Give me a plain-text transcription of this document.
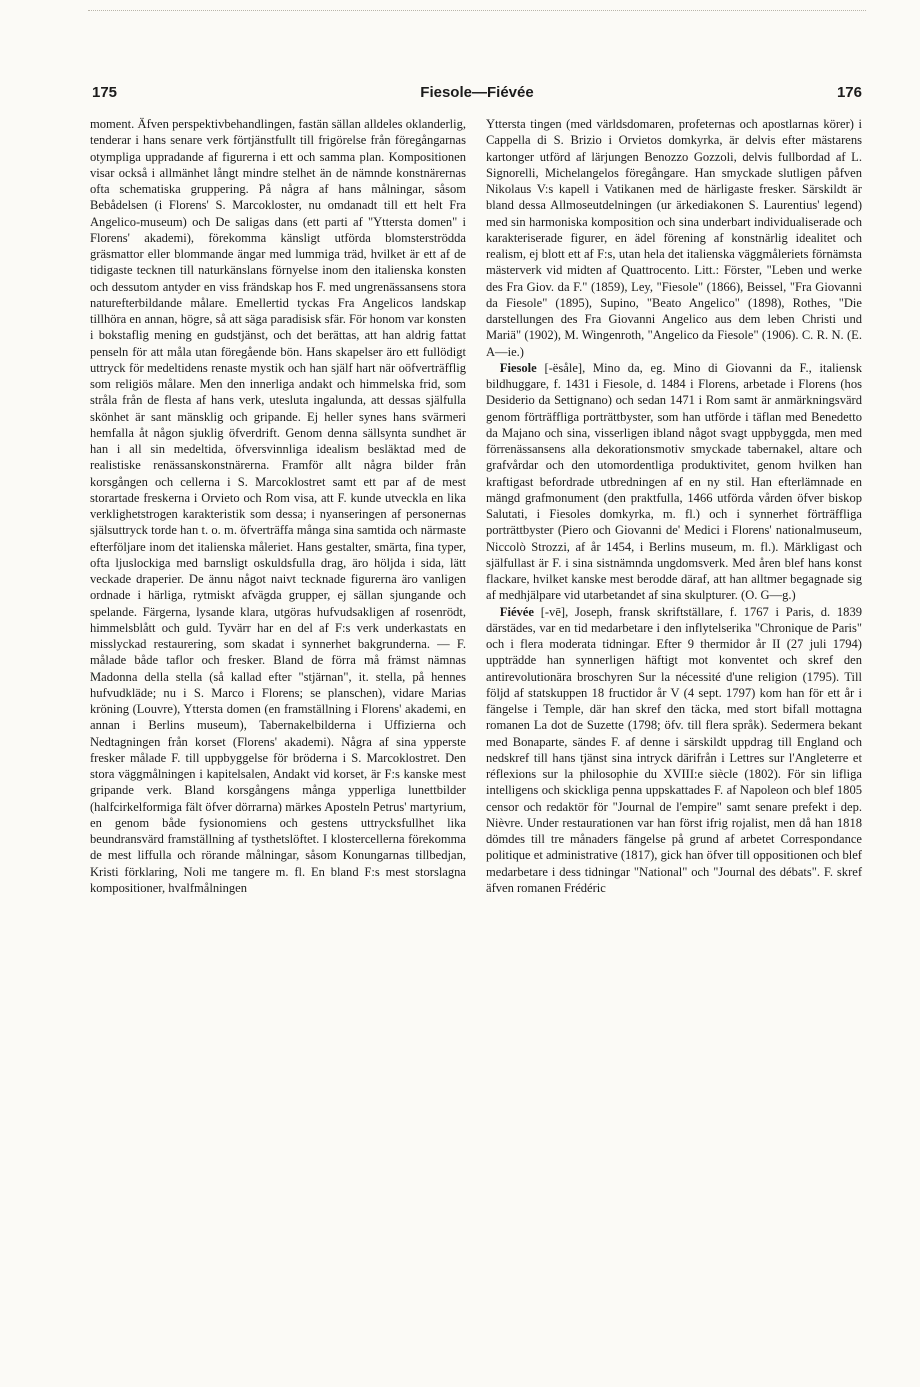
175	Fiesole—Fiévée	176

moment. Äfven perspektivbehandlingen, fastän sällan alldeles oklanderlig, tenderar i hans senare verk förtjänstfullt till frigörelse från föregångarnas otympliga uppradande af figurerna i ett och samma plan. Kompositionen visar också i allmänhet långt mindre stelhet än de nämnde konstnärernas ofta schematiska gruppering. På några af hans målningar, såsom Bebådelsen (i Florens' S. Marcokloster, nu omdanadt till ett helt Fra Angelico-museum) och De saligas dans (ett parti af "Yttersta domen" i Florens' akademi), förekomma känsligt utförda blomsterströdda gräsmattor eller blommande ängar med lummiga träd, hvilket är ett af de tidigaste tecknen till naturkänslans förnyelse inom den italienska konsten och dessutom antyder en viss frändskap hos F. med ungrenässansens stora naturefterbildande målare. Emellertid tyckas Fra Angelicos landskap tillhöra en annan, högre, så att säga paradisisk sfär. För honom var konsten i bokstaflig mening en gudstjänst, och det berättas, att han aldrig fattat penseln för att måla utan föregående bön. Hans skapelser äro ett fullödigt uttryck för medeltidens renaste mystik och han själf hart när oöfverträfflig som religiös målare. Men den innerliga andakt och himmelska frid, som stråla från de flesta af hans verk, utesluta ingalunda, att dessas själfulla skönhet är sant mänsklig och gripande. Ej heller synes hans svärmeri hemfalla åt någon sjuklig öfverdrift. Genom denna sällsynta sundhet är han i all sin medeltida, öfversvinnliga idealism besläktad med de realistiske renässanskonstnärerna. Framför allt några bilder från korsgången och cellerna i S. Marcoklostret samt ett par af de mest storartade freskerna i Orvieto och Rom visa, att F. kunde utveckla en lika verklighetstrogen karakteristik som dessa; i nyanseringen af personernas själsuttryck torde han t. o. m. öfverträffa många sina samtida och närmaste efterföljare inom det italienska måleriet. Hans gestalter, smärta, fina typer, ofta ljuslockiga med barnsligt oskuldsfulla drag, äro höljda i sida, lätt veckade draperier. De ännu något naivt tecknade figurerna äro vanligen ordnade i härliga, rytmiskt afvägda grupper, ej sällan sjungande och spelande. Färgerna, lysande klara, utgöras hufvudsakligen af rosenrödt, himmelsblått och guld. Tyvärr har en del af F:s verk underkastats en misslyckad restaurering, som skadat i synnerhet bakgrunderna. — F. målade både taflor och fresker. Bland de förra må främst nämnas Madonna della stella (så kallad efter "stjärnan", it. stella, på hennes hufvudkläde; nu i S. Marco i Florens; se planschen), vidare Marias kröning (Louvre), Yttersta domen (en framställning i Florens' akademi, en annan i Berlins museum), Tabernakelbilderna i Uffizierna och Nedtagningen från korset (Florens' akademi). Några af sina ypperste fresker målade F. till uppbyggelse för bröderna i S. Marcoklostret. Den stora väggmålningen i kapitelsalen, Andakt vid korset, är F:s kanske mest gripande verk. Bland korsgångens många ypperliga lunettbilder (halfcirkelformiga fält öfver dörrarna) märkes Aposteln Petrus' martyrium, en genom både fysionomiens och gestens uttrycksfullhet lika beundransvärd framställning af tysthetslöftet. I klostercellerna förekomma de mest liffulla och rörande målningar, såsom Konungarnas tillbedjan, Kristi förklaring, Noli me tangere m. fl. En bland F:s mest storslagna kompositioner, hvalfmålningen

Yttersta tingen (med världsdomaren, profeternas och apostlarnas körer) i Cappella di S. Brizio i Orvietos domkyrka, är delvis efter mästarens kartonger utförd af lärjungen Benozzo Gozzoli, delvis fullbordad af L. Signorelli, Michelangelos föregångare. Han smyckade slutligen påfven Nikolaus V:s kapell i Vatikanen med de härligaste fresker. Särskildt är bland dessa Allmoseutdelningen (ur ärkediakonen S. Laurentius' legend) med sin harmoniska komposition och sina underbart individualiserade och karakteriserade figurer, en ädel förening af konstnärlig idealitet och realism, ej blott ett af F:s, utan hela det italienska väggmåleriets förnämsta mästerverk vid midten af Quattrocento. Litt.: Förster, "Leben und werke des Fra Giov. da F." (1859), Ley, "Fiesole" (1866), Beissel, "Fra Giovanni da Fiesole" (1895), Supino, "Beato Angelico" (1898), Rothes, "Die darstellungen des Fra Giovanni Angelico aus dem leben Christi und Mariä" (1902), M. Wingenroth, "Angelico da Fiesole" (1906). C. R. N. (E. A—ie.)

Fiesole [-ësåle], Mino da, eg. Mino di Giovanni da F., italiensk bildhuggare, f. 1431 i Fiesole, d. 1484 i Florens, arbetade i Florens (hos Desiderio da Settignano) och sedan 1471 i Rom samt är anmärkningsvärd genom förträffliga porträttbyster, som han utförde i täflan med Benedetto da Majano och sina, visserligen ibland något svagt uppbyggda, men med förrenässansens alla dekorationsmotiv smyckade tabernakel, altare och grafvårdar och den utomordentliga produktivitet, genom hvilken han kraftigast befordrade utbredningen af en ny stil. Han efterlämnade en mängd grafmonument (den praktfulla, 1466 utförda vården öfver biskop Salutati, i Fiesoles domkyrka, m. fl.) och i synnerhet förträffliga porträttbyster (Piero och Giovanni de' Medici i Florens' nationalmuseum, Niccolò Strozzi, af år 1454, i Berlins museum, m. fl.). Märkligast och själfullast är F. i sina sistnämnda ungdomsverk. Med åren blef hans konst flackare, hvilket kanske mest berodde däraf, att han alltmer begagnade sig af medhjälpare vid utarbetandet af sina skulpturer. (O. G—g.)

Fiévée [-vē], Joseph, fransk skriftställare, f. 1767 i Paris, d. 1839 därstädes, var en tid medarbetare i den inflytelserika "Chronique de Paris" och i flera moderata tidningar. Efter 9 thermidor år II (27 juli 1794) uppträdde han synnerligen häftigt mot konventet och skref den antirevolutionära broschyren Sur la nécessité d'une religion (1795). Till följd af statskuppen 18 fructidor år V (4 sept. 1797) kom han för ett år i fängelse i Temple, där han skref den täcka, med stort bifall mottagna romanen La dot de Suzette (1798; öfv. till flera språk). Sedermera bekant med Bonaparte, sändes F. af denne i särskildt uppdrag till England och nedskref till hans tjänst sina intryck därifrån i Lettres sur l'Angleterre et réflexions sur la philosophie du XVIII:e siècle (1802). För sin lifliga intelligens och skickliga penna uppskattades F. af Napoleon och blef 1805 censor och redaktör för "Journal de l'empire" samt senare prefekt i dep. Nièvre. Under restaurationen var han först ifrig rojalist, men då han 1818 dömdes till tre månaders fängelse på grund af arbetet Correspondance politique et administrative (1817), gick han öfver till oppositionen och blef medarbetare i dess tidningar "National" och "Journal des débats". F. skref äfven romanen Frédéric
